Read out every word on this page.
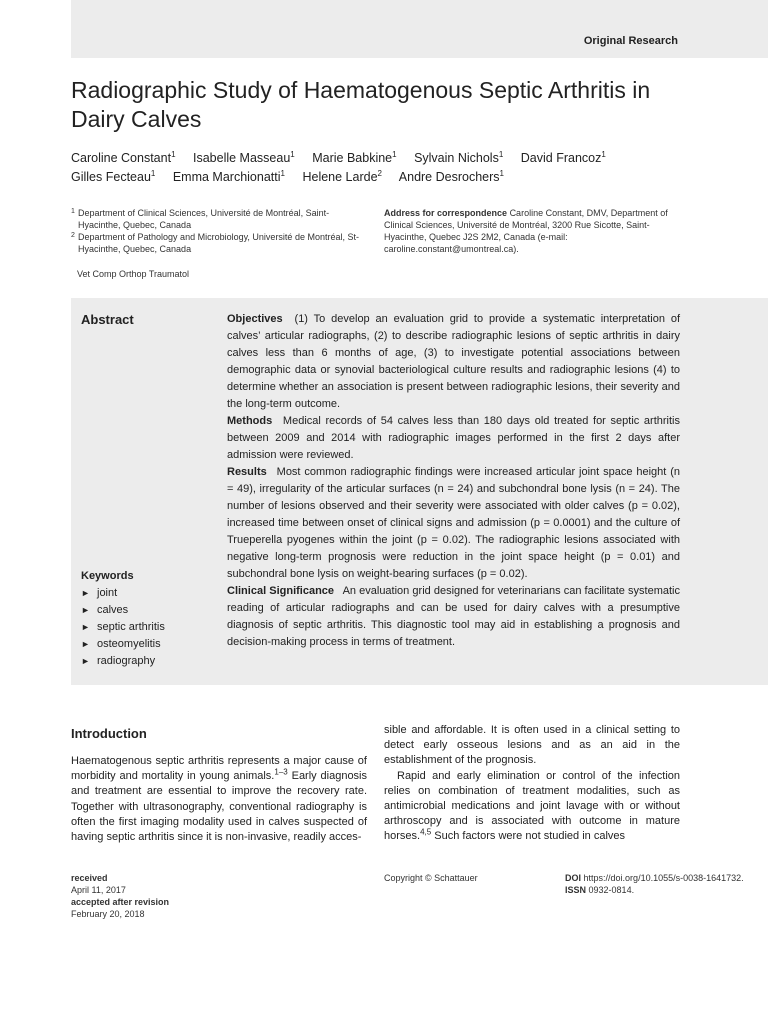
Original Research
Radiographic Study of Haematogenous Septic Arthritis in Dairy Calves
Caroline Constant$^1$ Isabelle Masseau$^1$ Marie Babkine$^1$ Sylvain Nichols$^1$ David Francoz$^1$
Gilles Fecteau$^1$ Emma Marchionatti$^1$ Helene Larde$^2$ Andre Desrochers$^1$
1 Department of Clinical Sciences, Université de Montréal, Saint-Hyacinthe, Quebec, Canada
2 Department of Pathology and Microbiology, Université de Montréal, St-Hyacinthe, Quebec, Canada
Vet Comp Orthop Traumatol
Address for correspondence Caroline Constant, DMV, Department of Clinical Sciences, Université de Montréal, 3200 Rue Sicotte, Saint-Hyacinthe, Quebec J2S 2M2, Canada (e-mail: caroline.constant@umontreal.ca).
Abstract	Objectives (1) To develop an evaluation grid to provide a systematic interpretation of calves’ articular radiographs, (2) to describe radiographic lesions of septic arthritis in dairy calves less than 6 months of age, (3) to investigate potential associations between demographic data or synovial bacteriological culture results and radiographic lesions (4) to determine whether an association is present between radiographic lesions, their severity and the long-term outcome.

Methods Medical records of 54 calves less than 180 days old treated for septic arthritis between 2009 and 2014 with radiographic images performed in the first 2 days after admission were reviewed.

Results Most common radiographic findings were increased articular joint space height (n = 49), irregularity of the articular surfaces (n = 24) and subchondral bone lysis (n = 24). The number of lesions observed and their severity were associated with older calves (p = 0.02), increased time between onset of clinical signs and admission (p = 0.0001) and the culture of Trueperella pyogenes within the joint (p = 0.02). The radiographic lesions associated with negative long-term prognosis were reduction in the joint space height (p = 0.01) and subchondral bone lysis on weight-bearing surfaces (p = 0.02).

Clinical Significance An evaluation grid designed for veterinarians can facilitate systematic reading of articular radiographs and can be used for dairy calves with a presumptive diagnosis of septic arthritis. This diagnostic tool may aid in establishing a prognosis and decision-making process in terms of treatment.

Keywords
► joint
► calves
► septic arthritis
► osteomyelitis
► radiography
Introduction

Haematogenous septic arthritis represents a major cause of morbidity and mortality in young animals.$^{1-3}$ Early diagnosis and treatment are essential to improve the recovery rate. Together with ultrasonography, conventional radiography is often the first imaging modality used in calves suspected of having septic arthritis since it is non-invasive, readily acces-

sible and affordable. It is often used in a clinical setting to detect early osseous lesions and as an aid in the establishment of the prognosis.

Rapid and early elimination or control of the infection relies on combination of treatment modalities, such as antimicrobial medications and joint lavage with or without arthroscopy and is associated with outcome in mature horses.$^{4,5}$ Such factors were not studied in calves

received
April 11, 2017
accepted after revision
February 20, 2018
Copyright © Schattauer	DOI https://doi.org/10.1055/s-0038-1641732.
ISSN 0932-0814.
